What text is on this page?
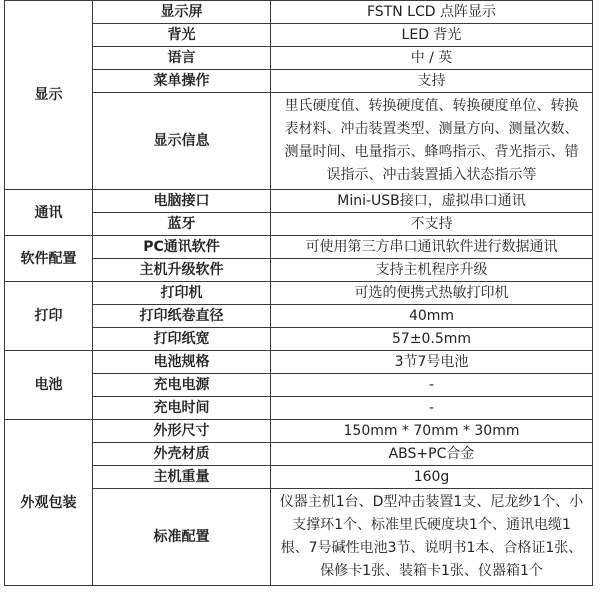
显示	显示屏	FSTN LCD 点阵显示
	背光	LED 背光
	语言	中 / 英
	菜单操作	支持
	显示信息	里氏硬度值、转换硬度值、转换硬度单位、转换表材料、冲击装置类型、测量方向、测量次数、测量时间、电量指示、蜂鸣指示、背光指示、错误指示、冲击装置插入状态指示等
通讯	电脑接口	Mini-USB接口，虚拟串口通讯
	蓝牙	不支持
软件配置	PC通讯软件	可使用第三方串口通讯软件进行数据通讯
	主机升级软件	支持主机程序升级
打印	打印机	可选的便携式热敏打印机
	打印纸卷直径	40mm
	打印纸宽	57±0.5mm
电池	电池规格	3节7号电池
	充电电源	-
	充电时间	-
外观包装	外形尺寸	150mm * 70mm * 30mm
	外壳材质	ABS+PC合金
	主机重量	160g
	标准配置	仪器主机1台、D型冲击装置1支、尼龙纱1个、小支撑环1个、标准里氏硬度块1个、通讯电缆1根、7号碱性电池3节、说明书1本、合格证1张、保修卡1张、装箱卡1张、仪器箱1个
